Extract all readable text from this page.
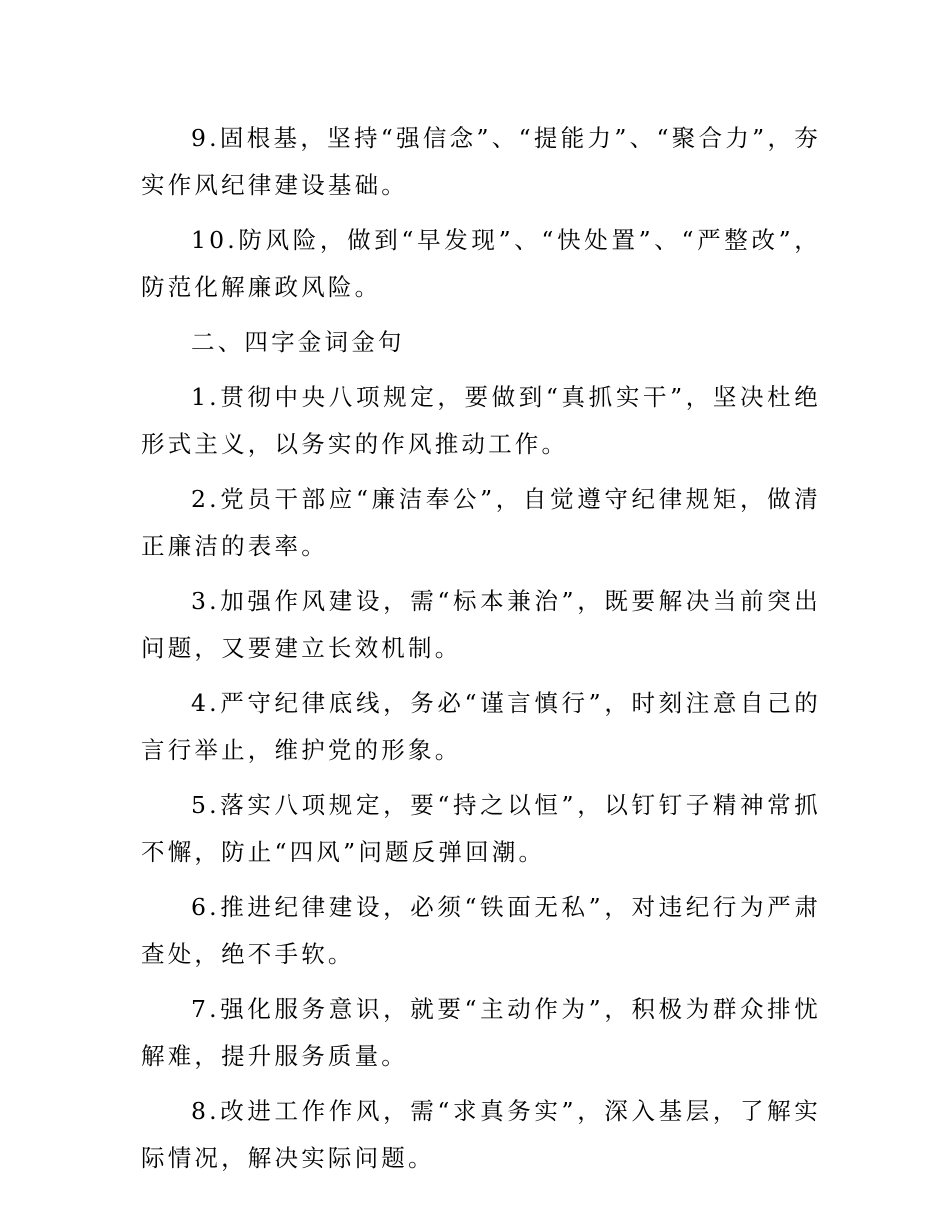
9.固根基，坚持“强信念”、“提能力”、“聚合力”，夯实作风纪律建设基础。

10.防风险，做到“早发现”、“快处置”、“严整改”，防范化解廉政风险。

二、四字金词金句

1.贯彻中央八项规定，要做到“真抓实干”，坚决杜绝形式主义，以务实的作风推动工作。

2.党员干部应“廉洁奉公”，自觉遵守纪律规矩，做清正廉洁的表率。

3.加强作风建设，需“标本兼治”，既要解决当前突出问题，又要建立长效机制。

4.严守纪律底线，务必“谨言慎行”，时刻注意自己的言行举止，维护党的形象。

5.落实八项规定，要“持之以恒”，以钉钉子精神常抓不懈，防止“四风”问题反弹回潮。

6.推进纪律建设，必须“铁面无私”，对违纪行为严肃查处，绝不手软。

7.强化服务意识，就要“主动作为”，积极为群众排忧解难，提升服务质量。

8.改进工作作风，需“求真务实”，深入基层，了解实际情况，解决实际问题。
